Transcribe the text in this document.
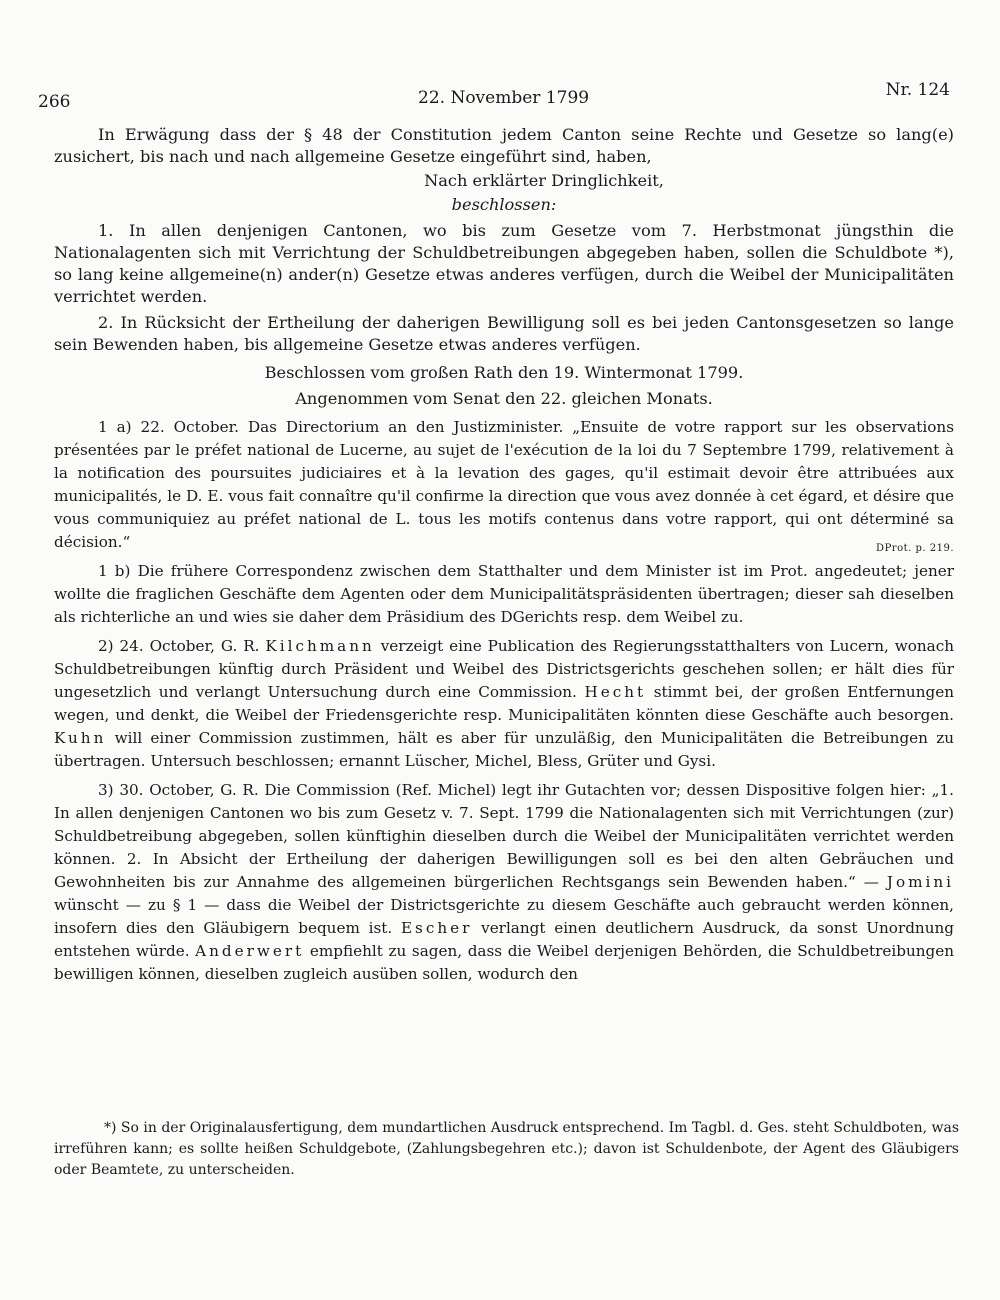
266	22. November 1799	Nr. 124

In Erwägung dass der § 48 der Constitution jedem Canton seine Rechte und Gesetze so lang(e) zusichert, bis nach und nach allgemeine Gesetze eingeführt sind, haben,

Nach erklärter Dringlichkeit,

beschlossen:

1. In allen denjenigen Cantonen, wo bis zum Gesetze vom 7. Herbstmonat jüngsthin die Nationalagenten sich mit Verrichtung der Schuldbetreibungen abgegeben haben, sollen die Schuldbote *), so lang keine allgemeine(n) ander(n) Gesetze etwas anderes verfügen, durch die Weibel der Municipalitäten verrichtet werden.

2. In Rücksicht der Ertheilung der daherigen Bewilligung soll es bei jeden Cantonsgesetzen so lange sein Bewenden haben, bis allgemeine Gesetze etwas anderes verfügen.

Beschlossen vom großen Rath den 19. Wintermonat 1799.

Angenommen vom Senat den 22. gleichen Monats.

1 a) 22. October. Das Directorium an den Justizminister. „Ensuite de votre rapport sur les observations présentées par le préfet national de Lucerne, au sujet de l'exécution de la loi du 7 Septembre 1799, relativement à la notification des poursuites judiciaires et à la levation des gages, qu'il estimait devoir être attribuées aux municipalités, le D. E. vous fait connaître qu'il confirme la direction que vous avez donnée à cet égard, et désire que vous communiquiez au préfet national de L. tous les motifs contenus dans votre rapport, qui ont déterminé sa décision.“	DProt. p. 219.

1 b) Die frühere Correspondenz zwischen dem Statthalter und dem Minister ist im Prot. angedeutet; jener wollte die fraglichen Geschäfte dem Agenten oder dem Municipalitätspräsidenten übertragen; dieser sah dieselben als richterliche an und wies sie daher dem Präsidium des DGerichts resp. dem Weibel zu.

2) 24. October, G. R. Kilchmann verzeigt eine Publication des Regierungsstatthalters von Lucern, wonach Schuldbetreibungen künftig durch Präsident und Weibel des Districtsgerichts geschehen sollen; er hält dies für ungesetzlich und verlangt Untersuchung durch eine Commission. Hecht stimmt bei, der großen Entfernungen wegen, und denkt, die Weibel der Friedensgerichte resp. Municipalitäten könnten diese Geschäfte auch besorgen. Kuhn will einer Commission zustimmen, hält es aber für unzuläßig, den Municipalitäten die Betreibungen zu übertragen. Untersuch beschlossen; ernannt Lüscher, Michel, Bless, Grüter und Gysi.

3) 30. October, G. R. Die Commission (Ref. Michel) legt ihr Gutachten vor; dessen Dispositive folgen hier: „1. In allen denjenigen Cantonen wo bis zum Gesetz v. 7. Sept. 1799 die Nationalagenten sich mit Verrichtungen (zur) Schuldbetreibung abgegeben, sollen künftighin dieselben durch die Weibel der Municipalitäten verrichtet werden können. 2. In Absicht der Ertheilung der daherigen Bewilligungen soll es bei den alten Gebräuchen und Gewohnheiten bis zur Annahme des allgemeinen bürgerlichen Rechtsgangs sein Bewenden haben.“ — Jomini wünscht — zu § 1 — dass die Weibel der Districtsgerichte zu diesem Geschäfte auch gebraucht werden können, insofern dies den Gläubigern bequem ist. Escher verlangt einen deutlichern Ausdruck, da sonst Unordnung entstehen würde. Anderwert empfiehlt zu sagen, dass die Weibel derjenigen Behörden, die Schuldbetreibungen bewilligen können, dieselben zugleich ausüben sollen, wodurch den

*) So in der Originalausfertigung, dem mundartlichen Ausdruck entsprechend. Im Tagbl. d. Ges. steht Schuldboten, was irreführen kann; es sollte heißen Schuldgebote, (Zahlungsbegehren etc.); davon ist Schuldenbote, der Agent des Gläubigers oder Beamtete, zu unterscheiden.
